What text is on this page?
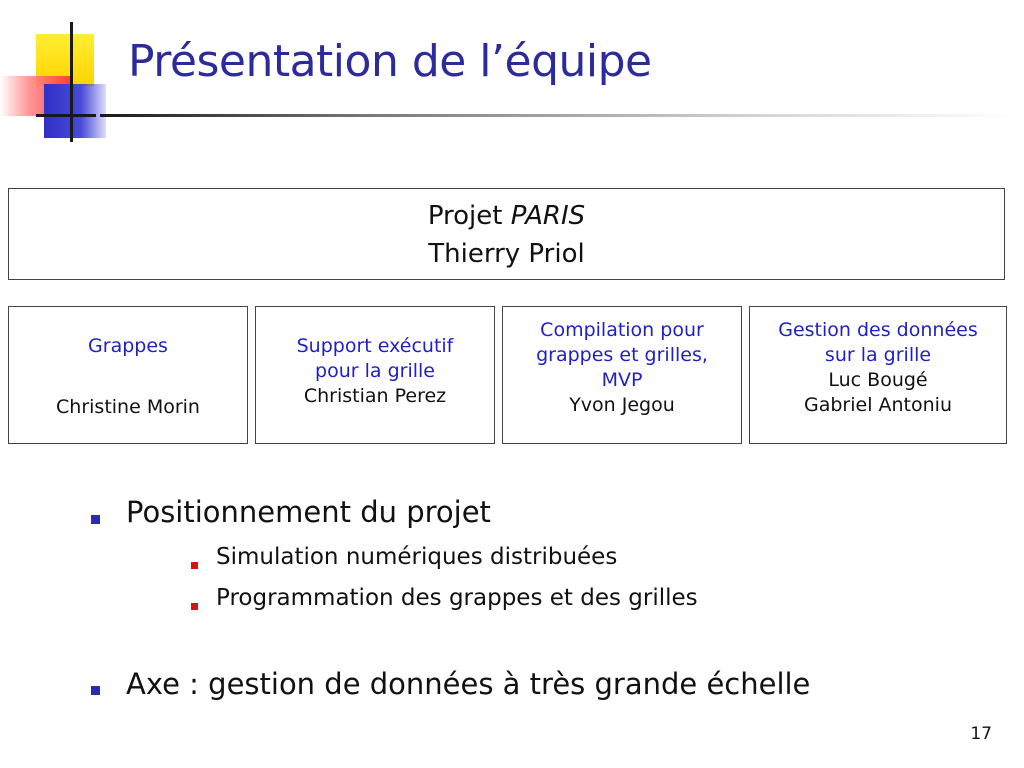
Présentation de l’équipe
Projet PARIS
Thierry Priol
Grappes
Christine Morin
Support exécutif
pour la grille
Christian Perez
Compilation pour
grappes et grilles,
MVP
Yvon Jegou
Gestion des données
sur la grille
Luc Bougé
Gabriel Antoniu
Positionnement du projet
Simulation numériques distribuées
Programmation des grappes et des grilles
Axe : gestion de données à très grande échelle
17
